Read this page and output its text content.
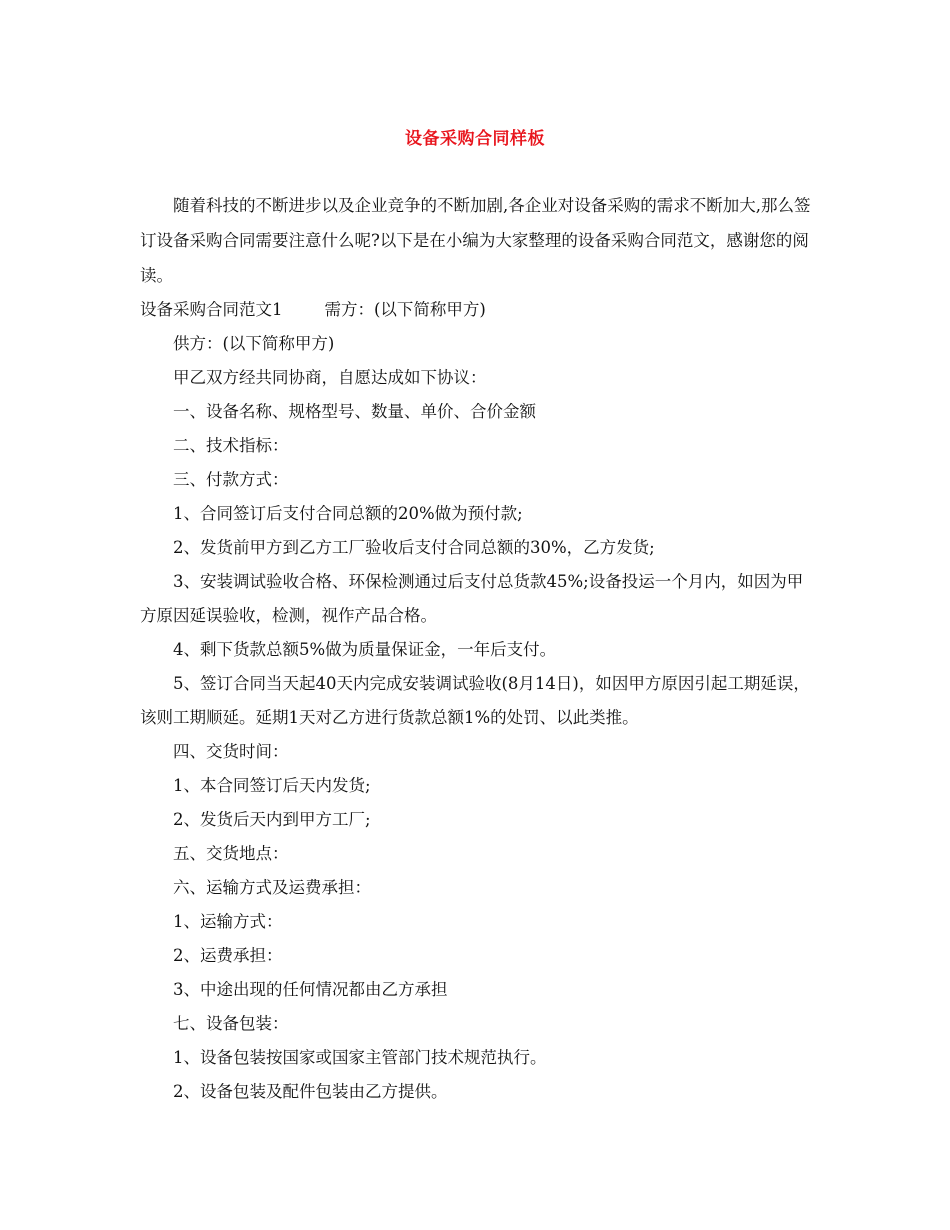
设备采购合同样板

随着科技的不断进步以及企业竞争的不断加剧,各企业对设备采购的需求不断加大,那么签订设备采购合同需要注意什么呢?以下是在小编为大家整理的设备采购合同范文，感谢您的阅读。

设备采购合同范文1	需方：(以下简称甲方)

供方：(以下简称甲方)

甲乙双方经共同协商，自愿达成如下协议：

一、设备名称、规格型号、数量、单价、合价金额

二、技术指标：

三、付款方式：

1、合同签订后支付合同总额的20%做为预付款;

2、发货前甲方到乙方工厂验收后支付合同总额的30%，乙方发货;

3、安装调试验收合格、环保检测通过后支付总货款45%;设备投运一个月内，如因为甲方原因延误验收，检测，视作产品合格。

4、剩下货款总额5%做为质量保证金，一年后支付。

5、签订合同当天起40天内完成安装调试验收(8月14日)，如因甲方原因引起工期延误，该则工期顺延。延期1天对乙方进行货款总额1%的处罚、以此类推。

四、交货时间：

1、本合同签订后天内发货;

2、发货后天内到甲方工厂;

五、交货地点：

六、运输方式及运费承担：

1、运输方式：

2、运费承担：

3、中途出现的任何情况都由乙方承担

七、设备包装：

1、设备包装按国家或国家主管部门技术规范执行。

2、设备包装及配件包装由乙方提供。
